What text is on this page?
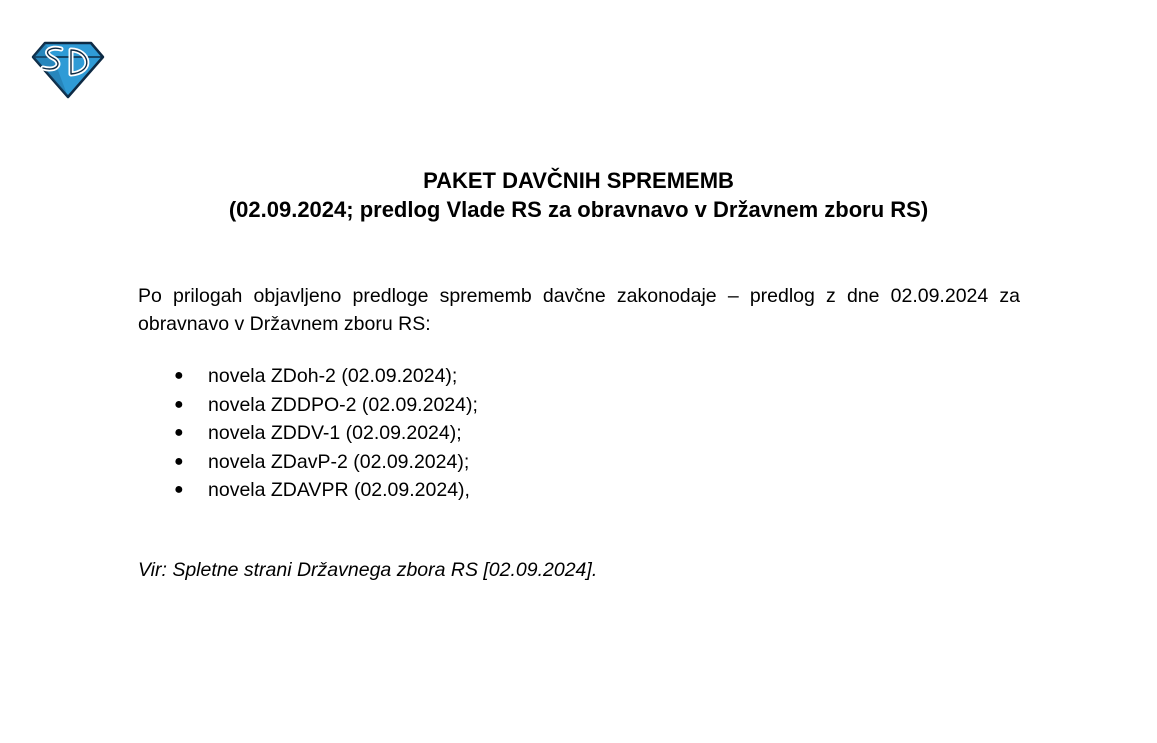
PAKET DAVČNIH SPREMEMB
(02.09.2024; predlog Vlade RS za obravnavo v Državnem zboru RS)
Po prilogah objavljeno predloge sprememb davčne zakonodaje – predlog z dne 02.09.2024 za obravnavo v Državnem zboru RS:
● novela ZDoh-2 (02.09.2024);
● novela ZDDPO-2 (02.09.2024);
● novela ZDDV-1 (02.09.2024);
● novela ZDavP-2 (02.09.2024);
● novela ZDAVPR (02.09.2024),
Vir: Spletne strani Državnega zbora RS [02.09.2024].
